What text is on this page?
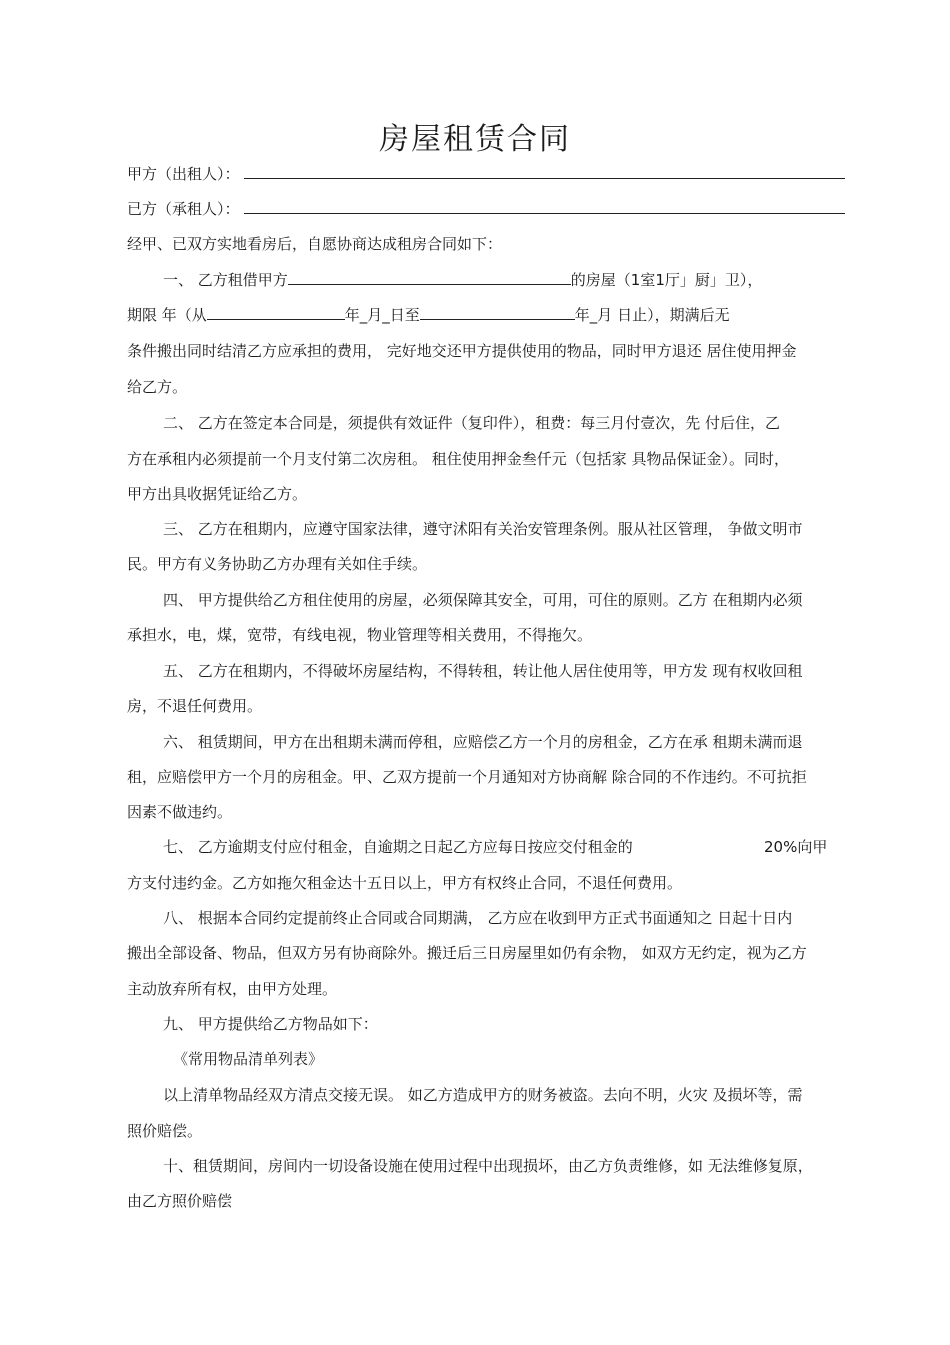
房屋租赁合同
甲方（出租人）：
已方（承租人）：
经甲、已双方实地看房后，自愿协商达成租房合同如下：
一、 乙方租借甲方	的房屋（1室1厅」厨」卫），
期限 年（从	年_月_日至	年_月 日止），期满后无
条件搬出同时结清乙方应承担的费用， 完好地交还甲方提供使用的物品，同时甲方退还 居住使用押金
给乙方。
二、 乙方在签定本合同是，须提供有效证件（复印件），租费：每三月付壹次，先 付后住，乙
方在承租内必须提前一个月支付第二次房租。 租住使用押金叁仟元（包括家 具物品保证金）。同时，
甲方出具收据凭证给乙方。
三、 乙方在租期内，应遵守国家法律，遵守沭阳有关治安管理条例。服从社区管理， 争做文明市
民。甲方有义务协助乙方办理有关如住手续。
四、 甲方提供给乙方租住使用的房屋，必须保障其安全，可用，可住的原则。乙方 在租期内必须
承担水，电，煤，宽带，有线电视，物业管理等相关费用，不得拖欠。
五、 乙方在租期内，不得破坏房屋结构，不得转租，转让他人居住使用等，甲方发 现有权收回租
房，不退任何费用。
六、 租赁期间，甲方在出租期未满而停租，应赔偿乙方一个月的房租金，乙方在承 租期未满而退
租，应赔偿甲方一个月的房租金。甲、乙双方提前一个月通知对方协商解 除合同的不作违约。不可抗拒
因素不做违约。
七、 乙方逾期支付应付租金，自逾期之日起乙方应每日按应交付租金的	20%向甲
方支付违约金。乙方如拖欠租金达十五日以上，甲方有权终止合同，不退任何费用。
八、 根据本合同约定提前终止合同或合同期满， 乙方应在收到甲方正式书面通知之 日起十日内
搬出全部设备、物品，但双方另有协商除外。搬迁后三日房屋里如仍有余物， 如双方无约定，视为乙方
主动放弃所有权，由甲方处理。
九、 甲方提供给乙方物品如下：
《常用物品清单列表》
以上清单物品经双方清点交接无误。 如乙方造成甲方的财务被盗。去向不明，火灾 及损坏等，需
照价赔偿。
十、租赁期间，房间内一切设备设施在使用过程中出现损坏，由乙方负责维修，如 无法维修复原，
由乙方照价赔偿
